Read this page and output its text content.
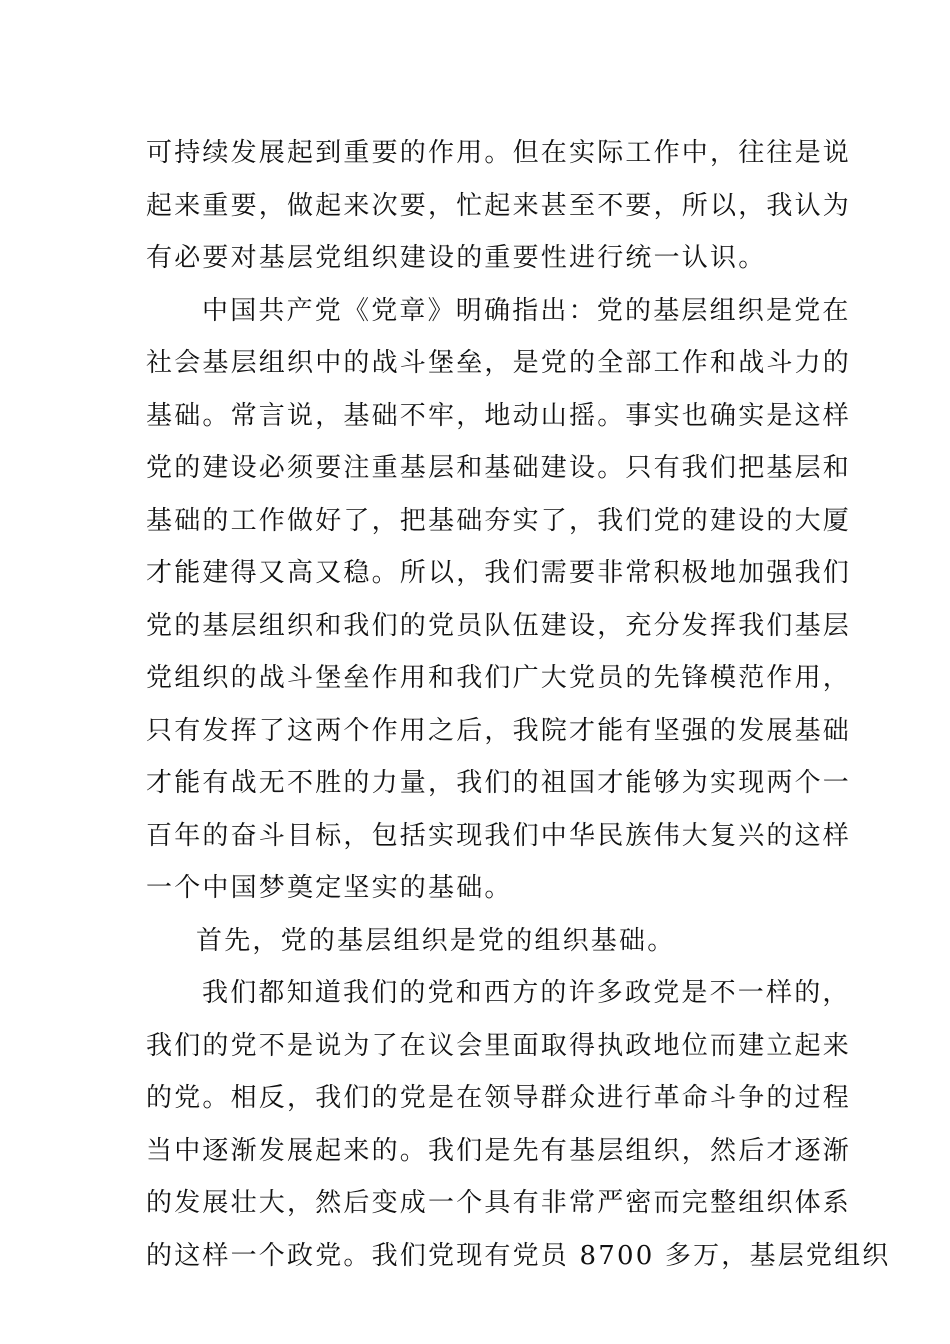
可持续发展起到重要的作用。但在实际工作中，往往是说
起来重要，做起来次要，忙起来甚至不要，所以，我认为
有必要对基层党组织建设的重要性进行统一认识。
中国共产党《党章》明确指出：党的基层组织是党在
社会基层组织中的战斗堡垒，是党的全部工作和战斗力的
基础。常言说，基础不牢，地动山摇。事实也确实是这样
党的建设必须要注重基层和基础建设。只有我们把基层和
基础的工作做好了，把基础夯实了，我们党的建设的大厦
才能建得又高又稳。所以，我们需要非常积极地加强我们
党的基层组织和我们的党员队伍建设，充分发挥我们基层
党组织的战斗堡垒作用和我们广大党员的先锋模范作用，
只有发挥了这两个作用之后，我院才能有坚强的发展基础
才能有战无不胜的力量，我们的祖国才能够为实现两个一
百年的奋斗目标，包括实现我们中华民族伟大复兴的这样
一个中国梦奠定坚实的基础。
首先，党的基层组织是党的组织基础。
我们都知道我们的党和西方的许多政党是不一样的，
我们的党不是说为了在议会里面取得执政地位而建立起来
的党。相反，我们的党是在领导群众进行革命斗争的过程
当中逐渐发展起来的。我们是先有基层组织，然后才逐渐
的发展壮大，然后变成一个具有非常严密而完整组织体系
的这样一个政党。我们党现有党员 8700 多万，基层党组织
